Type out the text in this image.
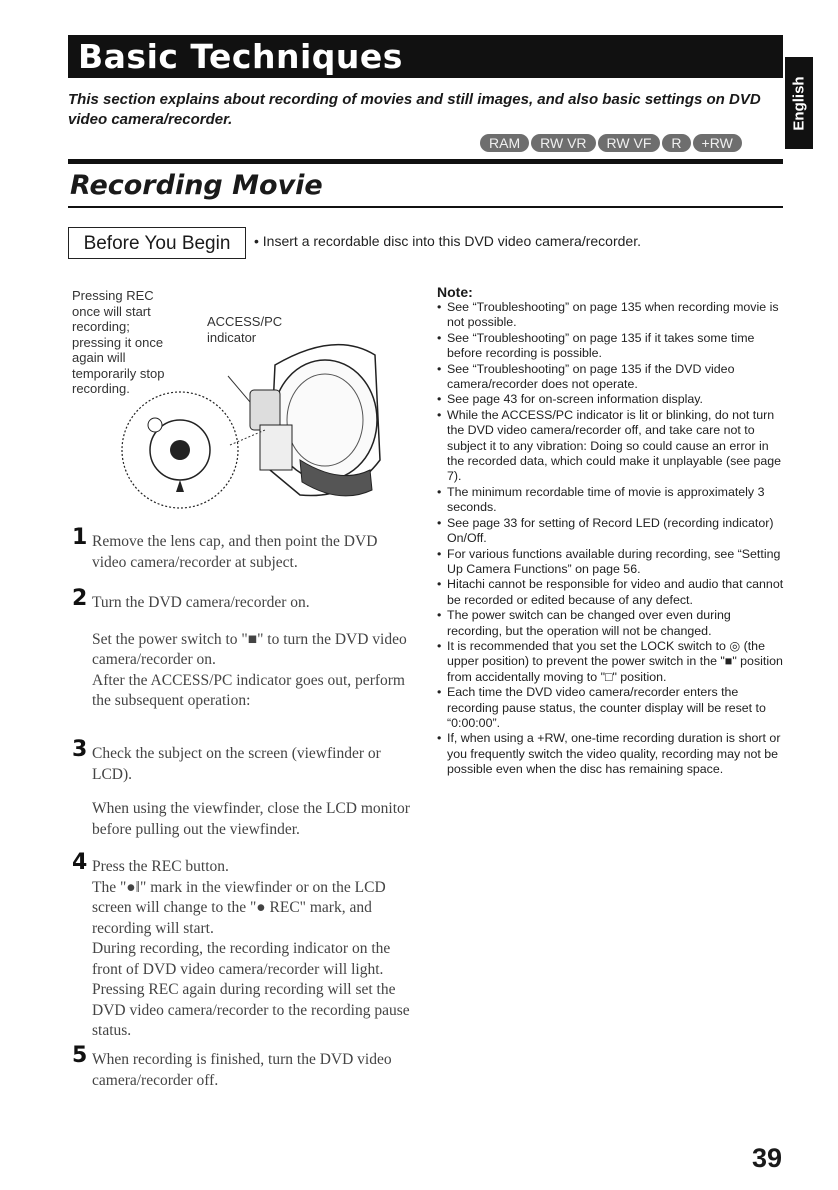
Basic Techniques
English
This section explains about recording of movies and still images, and also basic settings on DVD video camera/recorder.
RAM	RW VR	RW VF	R	+RW
Recording Movie
Before You Begin	• Insert a recordable disc into this DVD video camera/recorder.
Pressing REC once will start recording; pressing it once again will temporarily stop recording.
ACCESS/PC
indicator
1 Remove the lens cap, and then point the DVD video camera/recorder at subject.
2 Turn the DVD camera/recorder on.
Set the power switch to "■" to turn the DVD video camera/recorder on.
After the ACCESS/PC indicator goes out, perform the subsequent operation:
3 Check the subject on the screen (viewfinder or LCD).
When using the viewfinder, close the LCD monitor before pulling out the viewfinder.
4 Press the REC button.
The "●‖" mark in the viewfinder or on the LCD screen will change to the "● REC" mark, and recording will start.
During recording, the recording indicator on the front of DVD video camera/recorder will light.
Pressing REC again during recording will set the DVD video camera/recorder to the recording pause status.
5 When recording is finished, turn the DVD video camera/recorder off.
Note:
• See “Troubleshooting” on page 135 when recording movie is not possible.
• See “Troubleshooting” on page 135 if it takes some time before recording is possible.
• See “Troubleshooting” on page 135 if the DVD video camera/recorder does not operate.
• See page 43 for on-screen information display.
• While the ACCESS/PC indicator is lit or blinking, do not turn the DVD video camera/recorder off, and take care not to subject it to any vibration: Doing so could cause an error in the recorded data, which could make it unplayable (see page 7).
• The minimum recordable time of movie is approximately 3 seconds.
• See page 33 for setting of Record LED (recording indicator) On/Off.
• For various functions available during recording, see “Setting Up Camera Functions” on page 56.
• Hitachi cannot be responsible for video and audio that cannot be recorded or edited because of any defect.
• The power switch can be changed over even during recording, but the operation will not be changed.
• It is recommended that you set the LOCK switch to ◎ (the upper position) to prevent the power switch in the "■" position from accidentally moving to "□" position.
• Each time the DVD video camera/recorder enters the recording pause status, the counter display will be reset to “0:00:00”.
• If, when using a +RW, one-time recording duration is short or you frequently switch the video quality, recording may not be possible even when the disc has remaining space.
39
